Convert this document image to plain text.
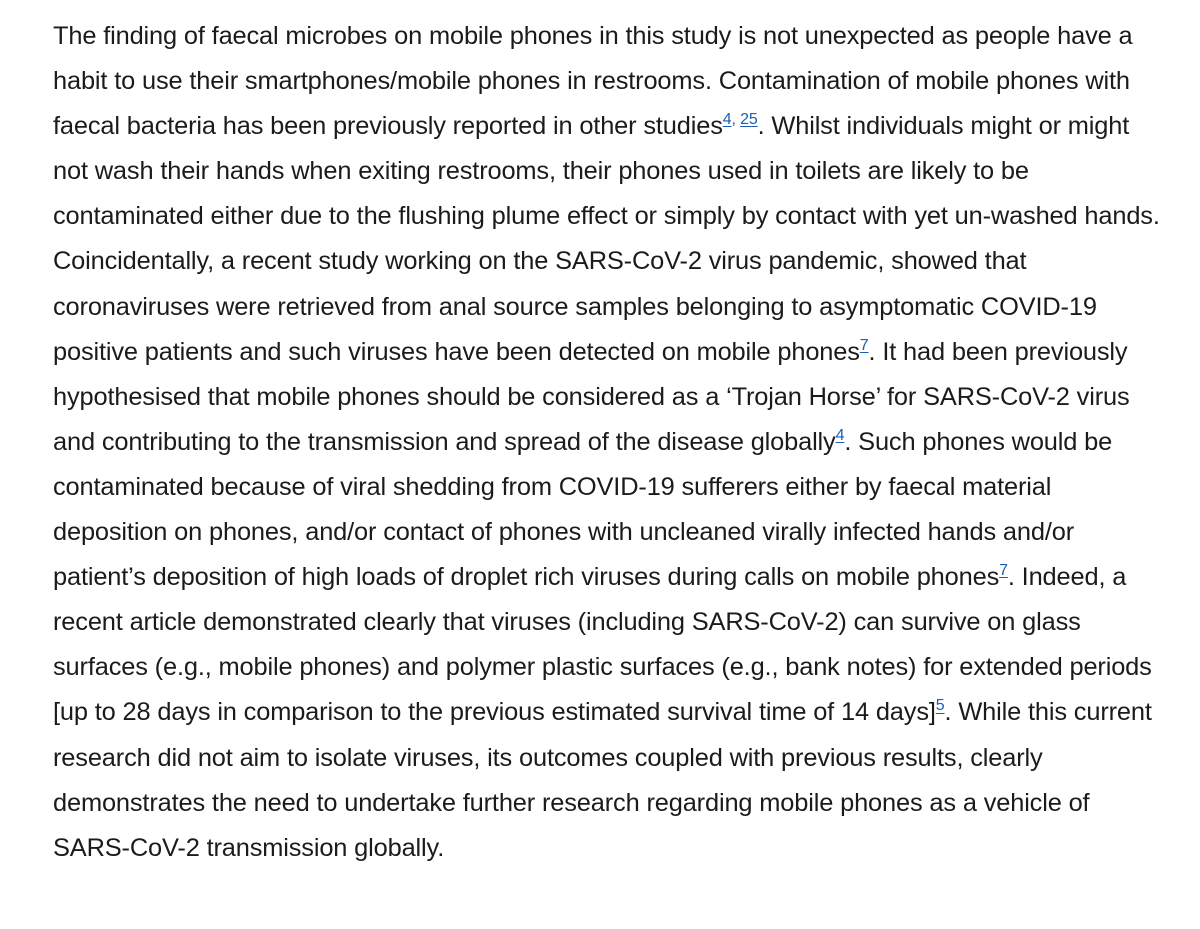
The finding of faecal microbes on mobile phones in this study is not unexpected as people have a habit to use their smartphones/mobile phones in restrooms. Contamination of mobile phones with faecal bacteria has been previously reported in other studies$^{4, 25}$. Whilst individuals might or might not wash their hands when exiting restrooms, their phones used in toilets are likely to be contaminated either due to the flushing plume effect or simply by contact with yet un-washed hands. Coincidentally, a recent study working on the SARS-CoV-2 virus pandemic, showed that coronaviruses were retrieved from anal source samples belonging to asymptomatic COVID-19 positive patients and such viruses have been detected on mobile phones$^7$. It had been previously hypothesised that mobile phones should be considered as a ‘Trojan Horse’ for SARS-CoV-2 virus and contributing to the transmission and spread of the disease globally$^4$. Such phones would be contaminated because of viral shedding from COVID-19 sufferers either by faecal material deposition on phones, and/or contact of phones with uncleaned virally infected hands and/or patient’s deposition of high loads of droplet rich viruses during calls on mobile phones$^7$. Indeed, a recent article demonstrated clearly that viruses (including SARS-CoV-2) can survive on glass surfaces (e.g., mobile phones) and polymer plastic surfaces (e.g., bank notes) for extended periods [up to 28 days in comparison to the previous estimated survival time of 14 days]$^5$. While this current research did not aim to isolate viruses, its outcomes coupled with previous results, clearly demonstrates the need to undertake further research regarding mobile phones as a vehicle of SARS-CoV-2 transmission globally.
